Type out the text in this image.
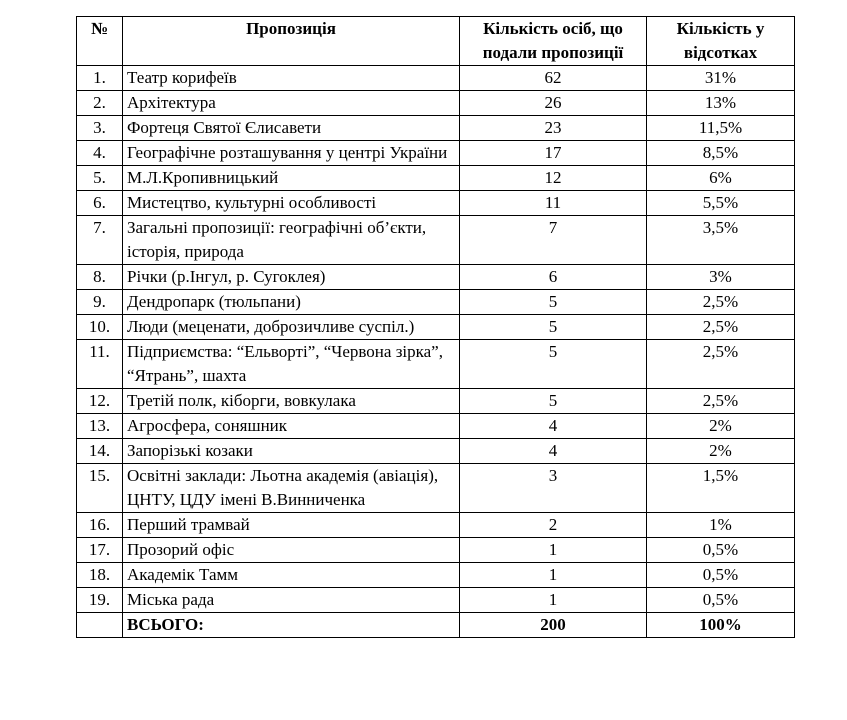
№	Пропозиція	Кількість осіб, що подали пропозиції	Кількість у відсотках
1.	Театр корифеїв	62	31%
2.	Архітектура	26	13%
3.	Фортеця Святої Єлисавети	23	11,5%
4.	Географічне розташування у центрі України	17	8,5%
5.	М.Л.Кропивницький	12	6%
6.	Мистецтво, культурні особливості	11	5,5%
7.	Загальні пропозиції: географічні об’єкти, історія, природа	7	3,5%
8.	Річки (р.Інгул, р. Сугоклея)	6	3%
9.	Дендропарк (тюльпани)	5	2,5%
10.	Люди (меценати, доброзичливе суспіл.)	5	2,5%
11.	Підприємства: “Ельворті”, “Червона зірка”, “Ятрань”, шахта	5	2,5%
12.	Третій полк, кіборги, вовкулака	5	2,5%
13.	Агросфера, соняшник	4	2%
14.	Запорізькі козаки	4	2%
15.	Освітні заклади: Льотна академія (авіація), ЦНТУ, ЦДУ імені В.Винниченка	3	1,5%
16.	Перший трамвай	2	1%
17.	Прозорий офіс	1	0,5%
18.	Академік Тамм	1	0,5%
19.	Міська рада	1	0,5%
	ВСЬОГО:	200	100%
